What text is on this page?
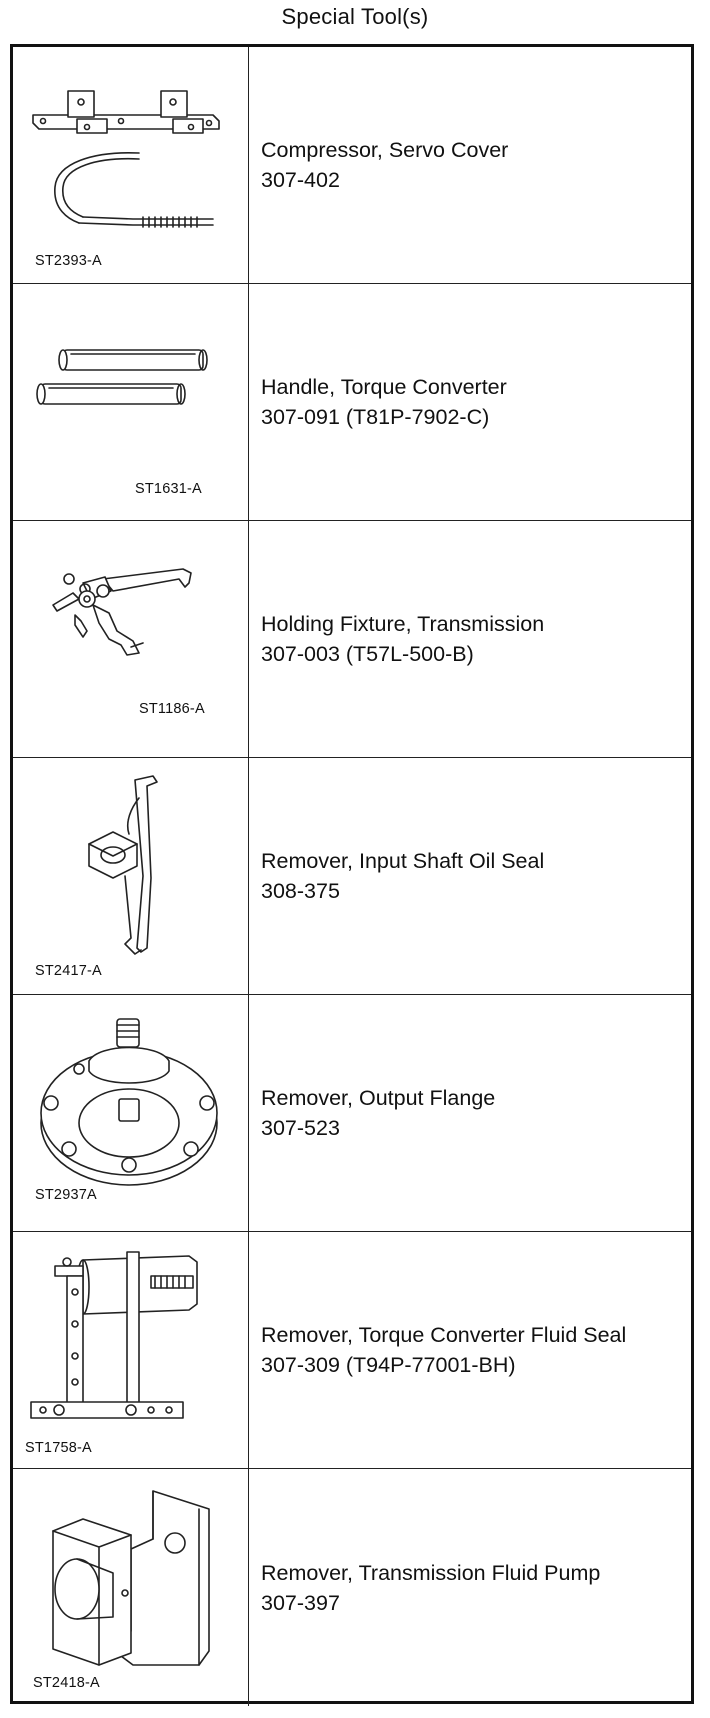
Special Tool(s)
ST2393-A
Compressor, Servo Cover
307-402
ST1631-A
Handle, Torque Converter
307-091 (T81P-7902-C)
ST1186-A
Holding Fixture, Transmission
307-003 (T57L-500-B)
ST2417-A
Remover, Input Shaft Oil Seal
308-375
ST2937A
Remover, Output Flange
307-523
ST1758-A
Remover, Torque Converter Fluid Seal
307-309 (T94P-77001-BH)
ST2418-A
Remover, Transmission Fluid Pump
307-397
